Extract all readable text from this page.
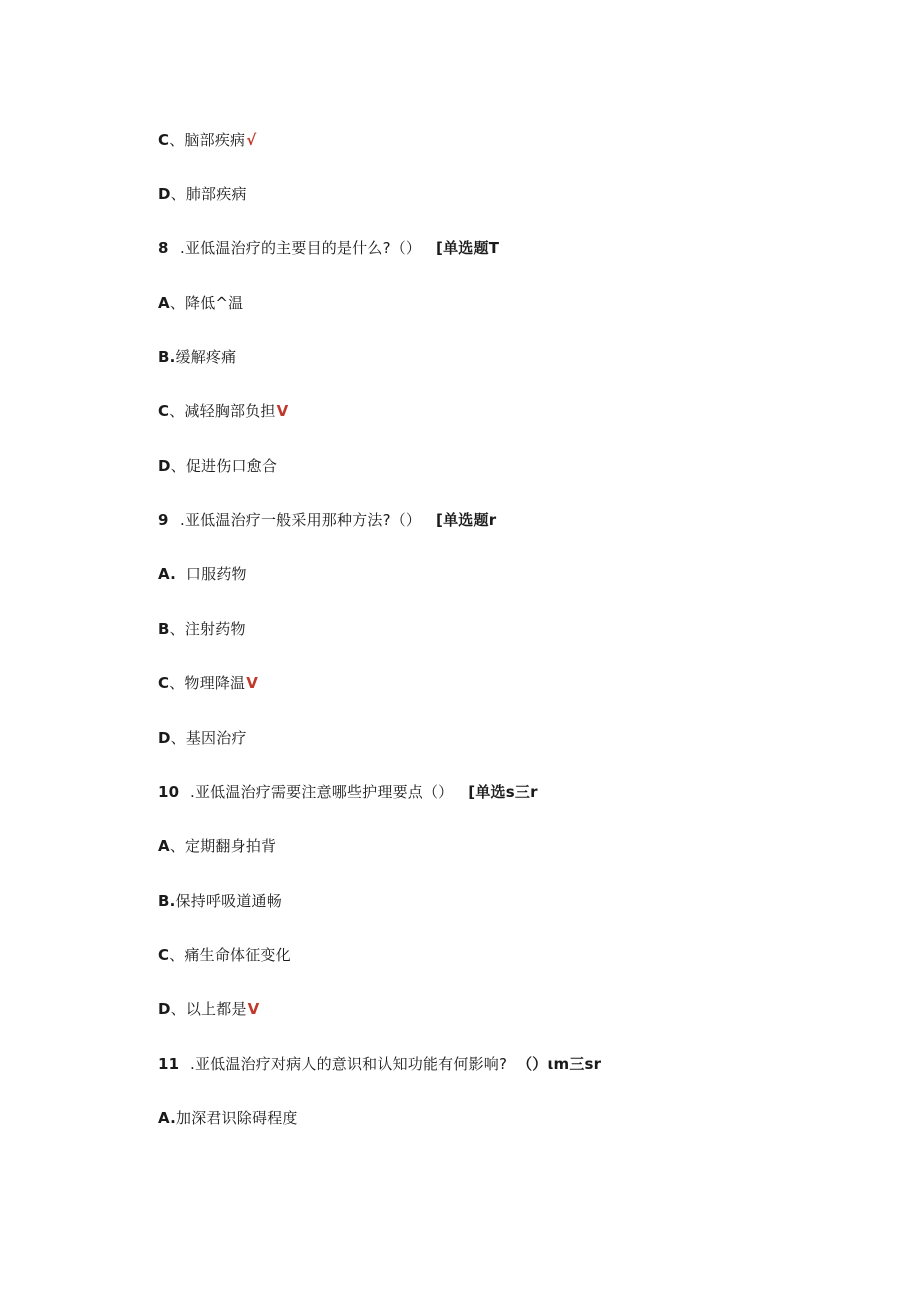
C、脑部疾病√
D、肺部疾病
8 .亚低温治疗的主要目的是什么?（） [单选题T
A、降低^温
B.缓解疼痛
C、减轻胸部负担V
D、促进伤口愈合
9 .亚低温治疗一般采用那种方法?（） [单选题r
A.  口服药物
B、注射药物
C、物理降温V
D、基因治疗
10 .亚低温治疗需要注意哪些护理要点（） [单选s三r
A、定期翻身拍背
B.保持呼吸道通畅
C、痛生命体征变化
D、以上都是V
11 .亚低温治疗对病人的意识和认知功能有何影响? （）ιm三sr
A.加深君识除碍程度
